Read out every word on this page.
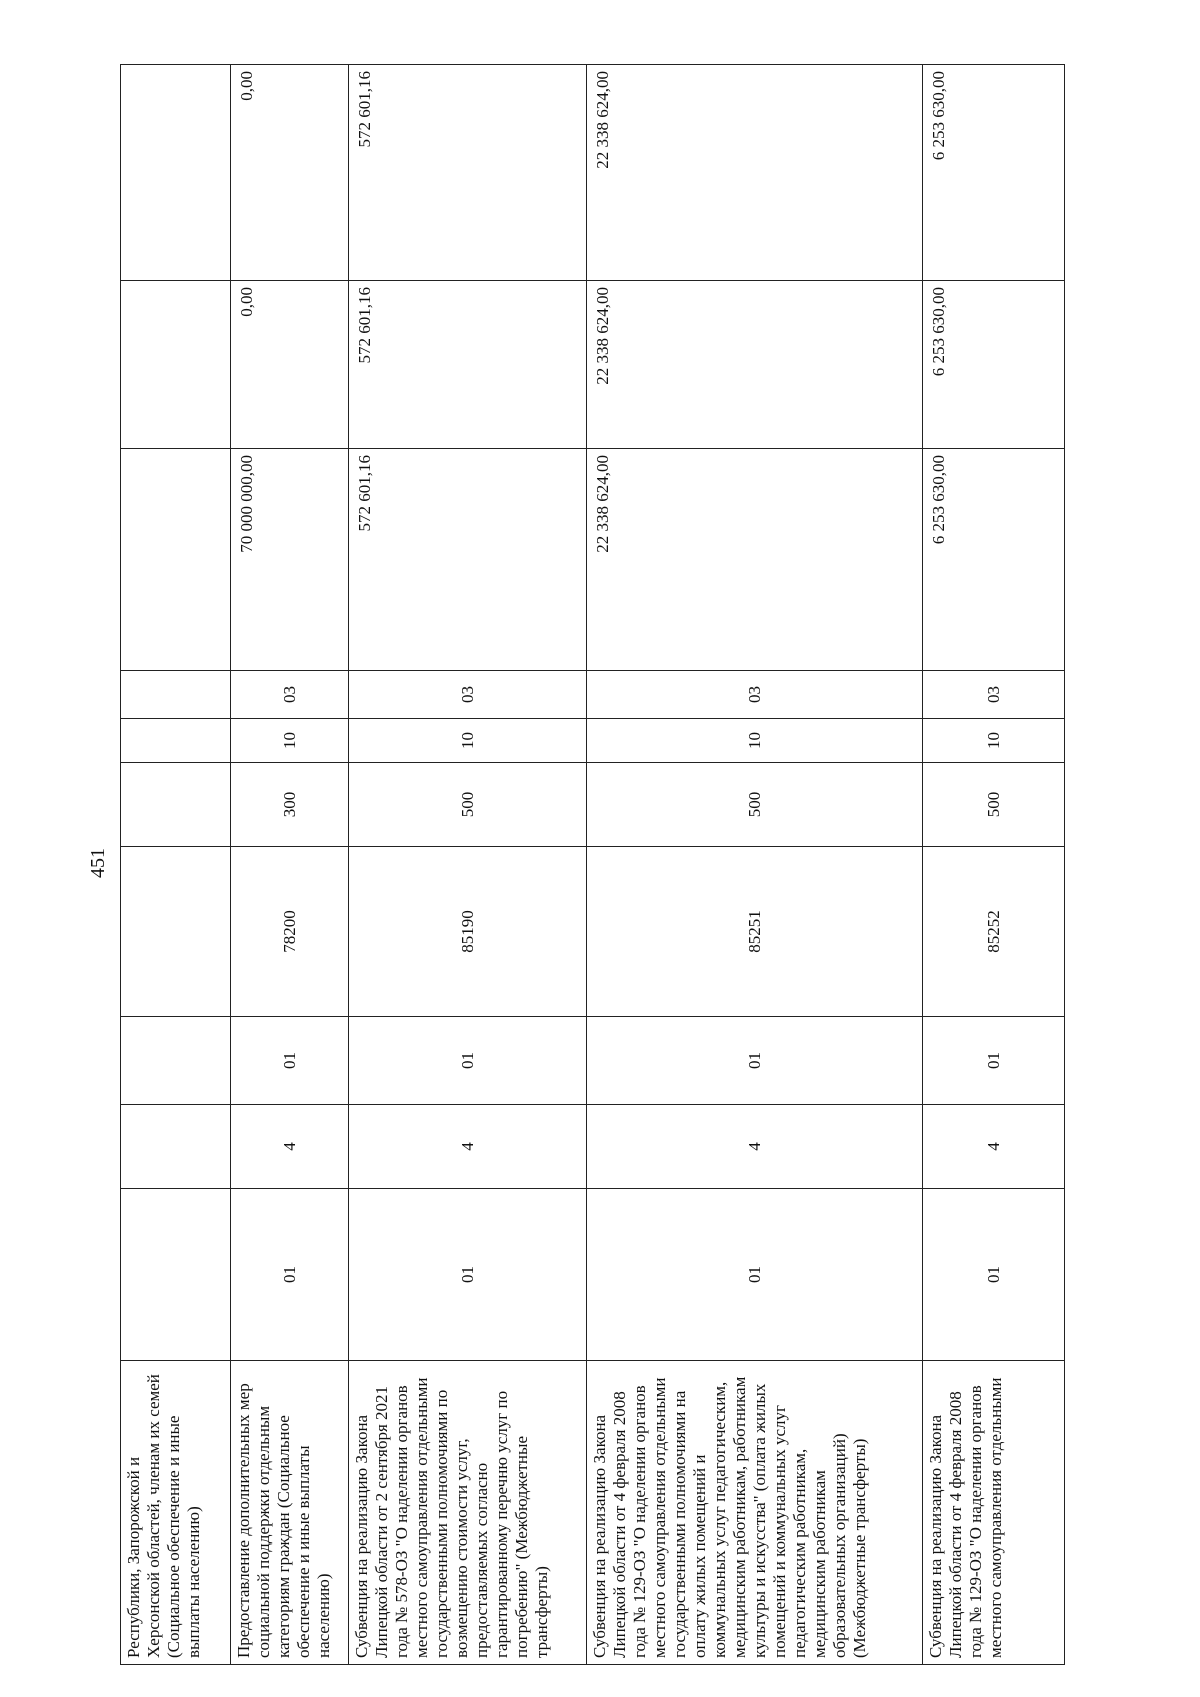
451
Республики, Запорожской и Херсонской областей, членам их семей (Социальное обеспечение и иные выплаты населению)										
Предоставление дополнительных мер социальной поддержки отдельным категориям граждан (Социальное обеспечение и иные выплаты населению)	01	4	01	78200	300	10	03	70 000 000,00	0,00	0,00
Субвенция на реализацию Закона Липецкой области от 2 сентября 2021 года № 578-ОЗ "О наделении органов местного самоуправления отдельными государственными полномочиями по возмещению стоимости услуг, предоставляемых согласно гарантированному перечню услуг по погребению" (Межбюджетные трансферты)	01	4	01	85190	500	10	03	572 601,16	572 601,16	572 601,16
Субвенция на реализацию Закона Липецкой области от 4 февраля 2008 года № 129-ОЗ "О наделении органов местного самоуправления отдельными государственными полномочиями на оплату жилых помещений и коммунальных услуг педагогическим, медицинским работникам, работникам культуры и искусства" (оплата жилых помещений и коммунальных услуг педагогическим работникам, медицинским работникам образовательных организаций) (Межбюджетные трансферты)	01	4	01	85251	500	10	03	22 338 624,00	22 338 624,00	22 338 624,00
Субвенция на реализацию Закона Липецкой области от 4 февраля 2008 года № 129-ОЗ "О наделении органов местного самоуправления отдельными	01	4	01	85252	500	10	03	6 253 630,00	6 253 630,00	6 253 630,00
